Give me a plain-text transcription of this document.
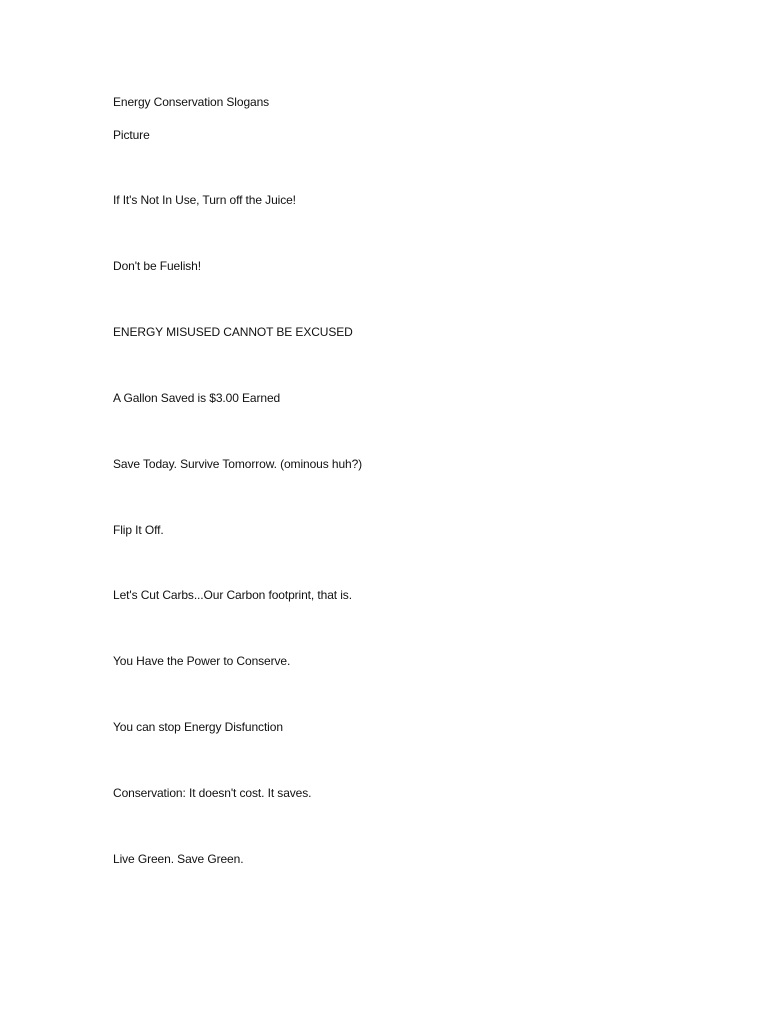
Energy Conservation Slogans
Picture
If It's Not In Use, Turn off the Juice!
Don't be Fuelish!
ENERGY MISUSED CANNOT BE EXCUSED
A Gallon Saved is $3.00 Earned
Save Today. Survive Tomorrow. (ominous huh?)
Flip It Off.
Let's Cut Carbs...Our Carbon footprint, that is.
You Have the Power to Conserve.
You can stop Energy Disfunction
Conservation: It doesn't cost. It saves.
Live Green. Save Green.
